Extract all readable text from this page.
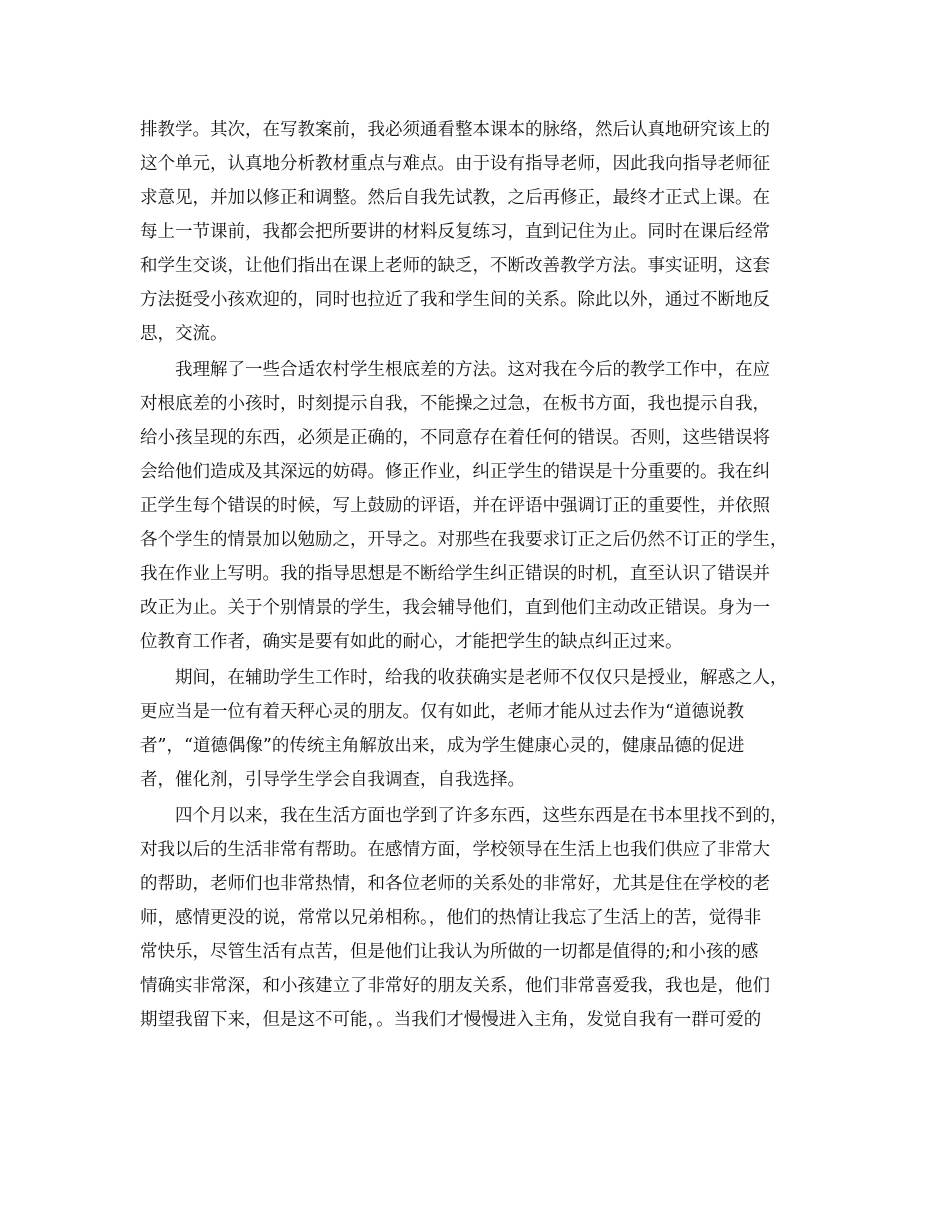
排教学。其次，在写教案前，我必须通看整本课本的脉络，然后认真地研究该上的
这个单元，认真地分析教材重点与难点。由于设有指导老师，因此我向指导老师征
求意见，并加以修正和调整。然后自我先试教，之后再修正，最终才正式上课。在
每上一节课前，我都会把所要讲的材料反复练习，直到记住为止。同时在课后经常
和学生交谈，让他们指出在课上老师的缺乏，不断改善教学方法。事实证明，这套
方法挺受小孩欢迎的，同时也拉近了我和学生间的关系。除此以外，通过不断地反
思，交流。
我理解了一些合适农村学生根底差的方法。这对我在今后的教学工作中，在应
对根底差的小孩时，时刻提示自我，不能操之过急，在板书方面，我也提示自我，
给小孩呈现的东西，必须是正确的，不同意存在着任何的错误。否则，这些错误将
会给他们造成及其深远的妨碍。修正作业，纠正学生的错误是十分重要的。我在纠
正学生每个错误的时候，写上鼓励的评语，并在评语中强调订正的重要性，并依照
各个学生的情景加以勉励之，开导之。对那些在我要求订正之后仍然不订正的学生，
我在作业上写明。我的指导思想是不断给学生纠正错误的时机，直至认识了错误并
改正为止。关于个别情景的学生，我会辅导他们，直到他们主动改正错误。身为一
位教育工作者，确实是要有如此的耐心，才能把学生的缺点纠正过来。
期间，在辅助学生工作时，给我的收获确实是老师不仅仅只是授业，解惑之人，
更应当是一位有着天秤心灵的朋友。仅有如此，老师才能从过去作为“道德说教
者”，“道德偶像”的传统主角解放出来，成为学生健康心灵的，健康品德的促进
者，催化剂，引导学生学会自我调查，自我选择。
四个月以来，我在生活方面也学到了许多东西，这些东西是在书本里找不到的，
对我以后的生活非常有帮助。在感情方面，学校领导在生活上也我们供应了非常大
的帮助，老师们也非常热情，和各位老师的关系处的非常好，尤其是住在学校的老
师，感情更没的说，常常以兄弟相称。，他们的热情让我忘了生活上的苦，觉得非
常快乐，尽管生活有点苦，但是他们让我认为所做的一切都是值得的;和小孩的感
情确实非常深，和小孩建立了非常好的朋友关系，他们非常喜爱我，我也是，他们
期望我留下来，但是这不可能，。当我们才慢慢进入主角，发觉自我有一群可爱的
